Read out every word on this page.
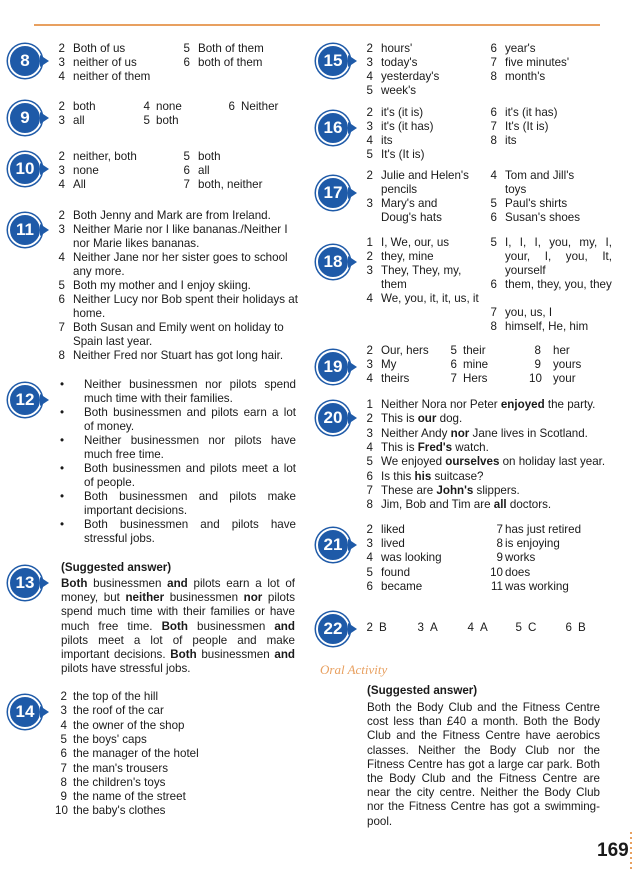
8
2 Both of us
3 neither of us
4 neither of them
5 Both of them
6 both of them
9
2 both
3 all
4 none
5 both
6 Neither
10
2 neither, both
3 none
4 All
5 both
6 all
7 both, neither
11
2 Both Jenny and Mark are from Ireland.
3 Neither Marie nor I like bananas./Neither I nor Marie likes bananas.
4 Neither Jane nor her sister goes to school any more.
5 Both my mother and I enjoy skiing.
6 Neither Lucy nor Bob spent their holidays at home.
7 Both Susan and Emily went on holiday to Spain last year.
8 Neither Fred nor Stuart has got long hair.
12
• Neither businessmen nor pilots spend much time with their families.
• Both businessmen and pilots earn a lot of money.
• Neither businessmen nor pilots have much free time.
• Both businessmen and pilots meet a lot of people.
• Both businessmen and pilots make important decisions.
• Both businessmen and pilots have stressful jobs.
13
(Suggested answer)
Both businessmen and pilots earn a lot of money, but neither businessmen nor pilots spend much time with their families or have much free time. Both businessmen and pilots meet a lot of people and make important decisions. Both businessmen and pilots have stressful jobs.
14
15
2 hours'
3 today's
4 yesterday's
5 week's
6 year's
7 five minutes'
8 month's
16
2 it's (it is)
3 it's (it has)
4 its
5 It's (It is)
6 it's (it has)
7 It's (It is)
8 its
17
2 Julie and Helen's pencils
3 Mary's and Doug's hats
4 Tom and Jill's toys
5 Paul's shirts
6 Susan's shoes
18
1 I, We, our, us
2 they, mine
3 They, They, my, them
4 We, you, it, it, us, it
5 I, I, I, you, my, I, your, I, you, It, yourself
6 them, they, you, they
7 you, us, I
8 himself, He, him
19
2 Our, hers
3 My
4 theirs
5 their
6 mine
7 Hers
8 her
9 yours
10 your
20
21
22
Oral Activity
(Suggested answer)
Both the Body Club and the Fitness Centre cost less than £40 a month. Both the Body Club and the Fitness Centre have aerobics classes. Neither the Body Club nor the Fitness Centre has got a large car park. Both the Body Club and the Fitness Centre are near the city centre. Neither the Body Club nor the Fitness Centre has got a swimming-pool.
169
2 the top of the hill
3 the roof of the car
4 the owner of the shop
5 the boys' caps
6 the manager of the hotel
7 the man's trousers
8 the children's toys
9 the name of the street
10 the baby's clothes
2 liked
3 lived
4 was looking
5 found
6 became
7 has just retired
8 is enjoying
9 works
10 does
11 was working
2 B	3 A	4 A	5 C	6 B
1 Neither Nora nor Peter enjoyed the party.
2 This is our dog.
3 Neither Andy nor Jane lives in Scotland.
4 This is Fred's watch.
5 We enjoyed ourselves on holiday last year.
6 Is this his suitcase?
7 These are John's slippers.
8 Jim, Bob and Tim are all doctors.
